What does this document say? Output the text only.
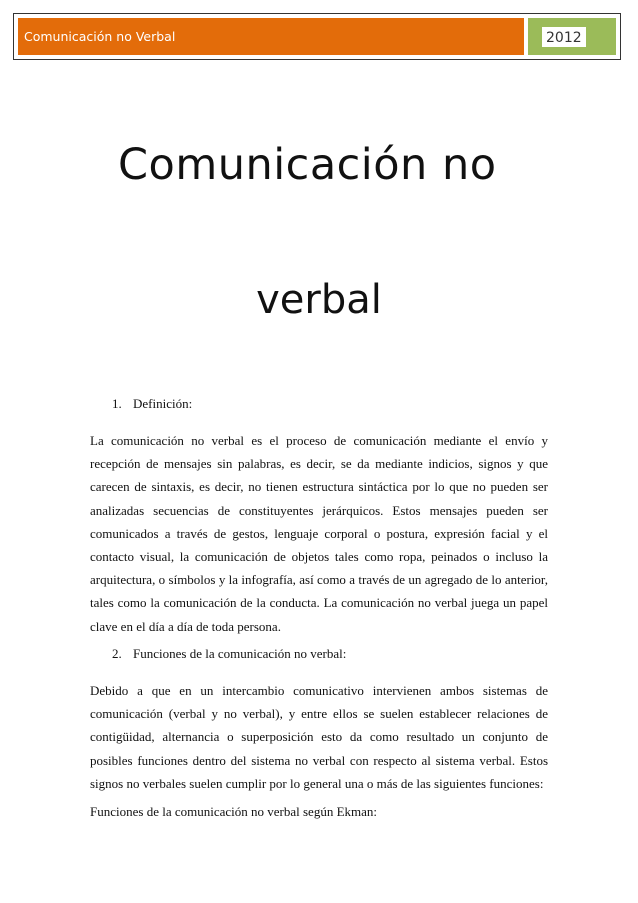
Comunicación no Verbal	2012
Comunicación no
verbal
1. Definición:
La comunicación no verbal es el proceso de comunicación mediante el envío y recepción de mensajes sin palabras, es decir, se da mediante indicios, signos y que carecen de sintaxis, es decir, no tienen estructura sintáctica por lo que no pueden ser analizadas secuencias de constituyentes jerárquicos. Estos mensajes pueden ser comunicados a través de gestos, lenguaje corporal o postura, expresión facial y el contacto visual, la comunicación de objetos tales como ropa, peinados o incluso la arquitectura, o símbolos y la infografía, así como a través de un agregado de lo anterior, tales como la comunicación de la conducta. La comunicación no verbal juega un papel clave en el día a día de toda persona.
2. Funciones de la comunicación no verbal:
Debido a que en un intercambio comunicativo intervienen ambos sistemas de comunicación (verbal y no verbal), y entre ellos se suelen establecer relaciones de contigüidad, alternancia o superposición esto da como resultado un conjunto de posibles funciones dentro del sistema no verbal con respecto al sistema verbal. Estos signos no verbales suelen cumplir por lo general una o más de las siguientes funciones:
Funciones de la comunicación no verbal según Ekman:
